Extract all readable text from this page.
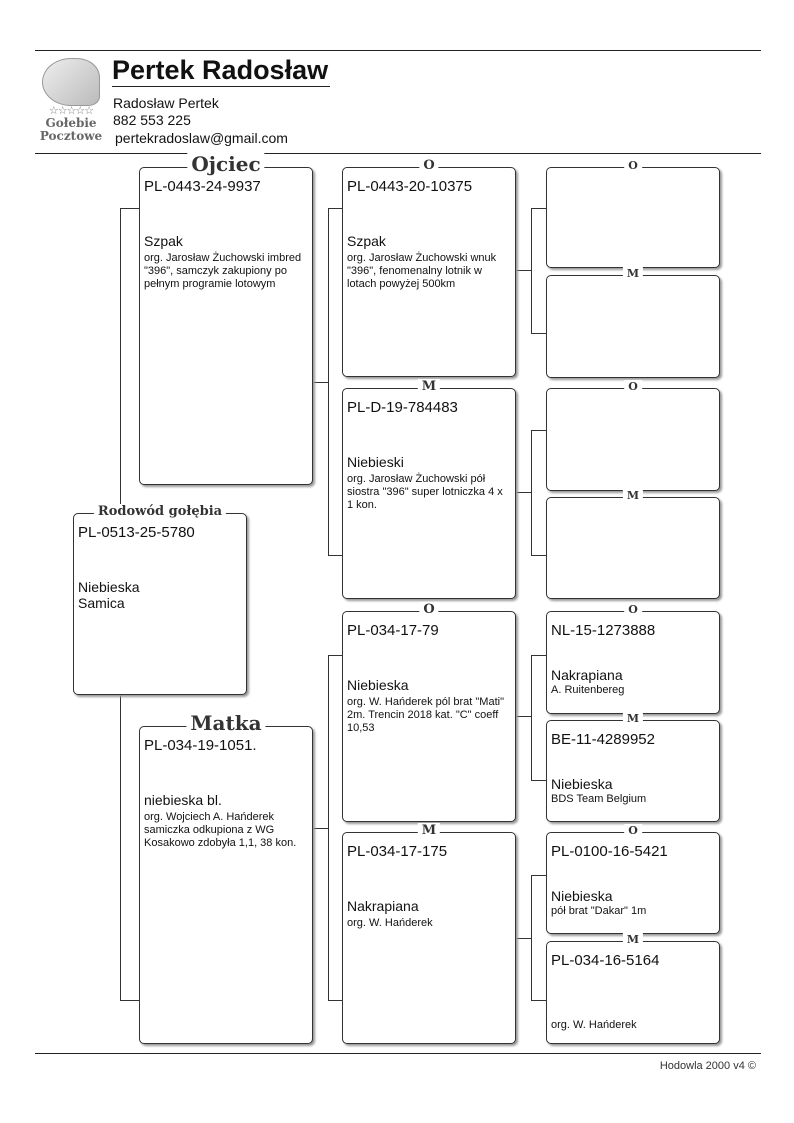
☆☆☆☆☆
Gołebie
Pocztowe
Pertek Radosław
Radosław Pertek
882 553 225
pertekradoslaw@gmail.com
Rodowód gołębia
PL-0513-25-5780
Niebieska
Samica
Ojciec
PL-0443-24-9937
Szpak
org. Jarosław Żuchowski imbred "396", samczyk zakupiony po pełnym programie lotowym
Matka
PL-034-19-1051.
niebieska bl.
org. Wojciech A. Hańderek samiczka odkupiona z WG Kosakowo zdobyła 1,1, 38 kon.
O
PL-0443-20-10375
Szpak
org. Jarosław Żuchowski wnuk "396", fenomenalny lotnik w lotach powyżej 500km
M
PL-D-19-784483
Niebieski
org. Jarosław Żuchowski pół siostra "396" super lotniczka 4 x 1 kon.
O
PL-034-17-79
Niebieska
org. W. Hańderek pól brat "Mati" 2m. Trencin 2018 kat. "C" coeff 10,53
M
PL-034-17-175
Nakrapiana
org. W. Hańderek
O
M
O
M
O
NL-15-1273888
Nakrapiana
A. Ruitenbereg
M
BE-11-4289952
Niebieska
BDS Team Belgium
O
PL-0100-16-5421
Niebieska
pół brat "Dakar" 1m
M
PL-034-16-5164
org. W. Hańderek
Hodowla 2000 v4 ©
